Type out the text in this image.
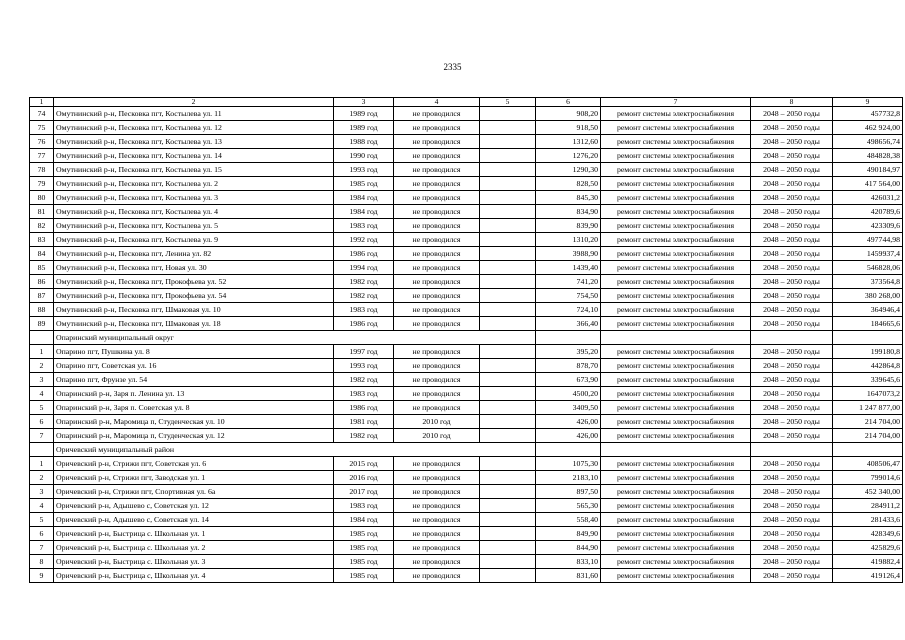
2335
1	2	3	4	5	6	7	8	9
74	Омутнинский р-н, Песковка пгт, Костылева ул. 11	1989 год	не проводился		908,20	ремонт системы электроснабжения	2048 – 2050 годы	457732,8
75	Омутнинский р-н, Песковка пгт, Костылева ул. 12	1989 год	не проводился		918,50	ремонт системы электроснабжения	2048 – 2050 годы	462 924,00
76	Омутнинский р-н, Песковка пгт, Костылева ул. 13	1988 год	не проводился		1312,60	ремонт системы электроснабжения	2048 – 2050 годы	498656,74
77	Омутнинский р-н, Песковка пгт, Костылева ул. 14	1990 год	не проводился		1276,20	ремонт системы электроснабжения	2048 – 2050 годы	484828,38
78	Омутнинский р-н, Песковка пгт, Костылева ул. 15	1993 год	не проводился		1290,30	ремонт системы электроснабжения	2048 – 2050 годы	490184,97
79	Омутнинский р-н, Песковка пгт, Костылева ул. 2	1985 год	не проводился		828,50	ремонт системы электроснабжения	2048 – 2050 годы	417 564,00
80	Омутнинский р-н, Песковка пгт, Костылева ул. 3	1984 год	не проводился		845,30	ремонт системы электроснабжения	2048 – 2050 годы	426031,2
81	Омутнинский р-н, Песковка пгт, Костылева ул. 4	1984 год	не проводился		834,90	ремонт системы электроснабжения	2048 – 2050 годы	420789,6
82	Омутнинский р-н, Песковка пгт, Костылева ул. 5	1983 год	не проводился		839,90	ремонт системы электроснабжения	2048 – 2050 годы	423309,6
83	Омутнинский р-н, Песковка пгт, Костылева ул. 9	1992 год	не проводился		1310,20	ремонт системы электроснабжения	2048 – 2050 годы	497744,98
84	Омутнинский р-н, Песковка пгт, Ленина ул. 82	1986 год	не проводился		3988,90	ремонт системы электроснабжения	2048 – 2050 годы	1459937,4
85	Омутнинский р-н, Песковка пгт, Новая ул. 30	1994 год	не проводился		1439,40	ремонт системы электроснабжения	2048 – 2050 годы	546828,06
86	Омутнинский р-н, Песковка пгт, Прокофьева ул. 52	1982 год	не проводился		741,20	ремонт системы электроснабжения	2048 – 2050 годы	373564,8
87	Омутнинский р-н, Песковка пгт, Прокофьева ул. 54	1982 год	не проводился		754,50	ремонт системы электроснабжения	2048 – 2050 годы	380 268,00
88	Омутнинский р-н, Песковка пгт, Шмаковая ул. 10	1983 год	не проводился		724,10	ремонт системы электроснабжения	2048 – 2050 годы	364946,4
89	Омутнинский р-н, Песковка пгт, Шмаковая ул. 18	1986 год	не проводился		366,40	ремонт системы электроснабжения	2048 – 2050 годы	184665,6
	Опаринский муниципальный округ							
1	Опарино пгт, Пушкина ул. 8	1997 год	не проводился		395,20	ремонт системы электроснабжения	2048 – 2050 годы	199180,8
2	Опарино пгт, Советская ул. 16	1993 год	не проводился		878,70	ремонт системы электроснабжения	2048 – 2050 годы	442864,8
3	Опарино пгт, Фрунзе ул. 54	1982 год	не проводился		673,90	ремонт системы электроснабжения	2048 – 2050 годы	339645,6
4	Опаринский р-н, Заря п. Ленина ул. 13	1983 год	не проводился		4500,20	ремонт системы электроснабжения	2048 – 2050 годы	1647073,2
5	Опаринский р-н, Заря п. Советская ул. 8	1986 год	не проводился		3409,50	ремонт системы электроснабжения	2048 – 2050 годы	1 247 877,00
6	Опаринский р-н, Маромица п, Студенческая ул. 10	1981 год	2010 год		426,00	ремонт системы электроснабжения	2048 – 2050 годы	214 704,00
7	Опаринский р-н, Маромица п, Студенческая ул. 12	1982 год	2010 год		426,00	ремонт системы электроснабжения	2048 – 2050 годы	214 704,00
	Оричевский муниципальный район							
1	Оричевский р-н, Стрижи пгт, Советская ул. 6	2015 год	не проводился		1075,30	ремонт системы электроснабжения	2048 – 2050 годы	408506,47
2	Оричевский р-н, Стрижи пгт, Заводская ул. 1	2016 год	не проводился		2183,10	ремонт системы электроснабжения	2048 – 2050 годы	799014,6
3	Оричевский р-н, Стрижи пгт, Спортивная ул. 6а	2017 год	не проводился		897,50	ремонт системы электроснабжения	2048 – 2050 годы	452 340,00
4	Оричевский р-н, Адышево с, Советская ул. 12	1983 год	не проводился		565,30	ремонт системы электроснабжения	2048 – 2050 годы	284911,2
5	Оричевский р-н, Адышево с, Советская ул. 14	1984 год	не проводился		558,40	ремонт системы электроснабжения	2048 – 2050 годы	281433,6
6	Оричевский р-н, Быстрица с. Школьная ул. 1	1985 год	не проводился		849,90	ремонт системы электроснабжения	2048 – 2050 годы	428349,6
7	Оричевский р-н, Быстрица с. Школьная ул. 2	1985 год	не проводился		844,90	ремонт системы электроснабжения	2048 – 2050 годы	425829,6
8	Оричевский р-н, Быстрица с. Школьная ул. 3	1985 год	не проводился		833,10	ремонт системы электроснабжения	2048 – 2050 годы	419882,4
9	Оричевский р-н, Быстрица с, Школьная ул. 4	1985 год	не проводился		831,60	ремонт системы электроснабжения	2048 – 2050 годы	419126,4
